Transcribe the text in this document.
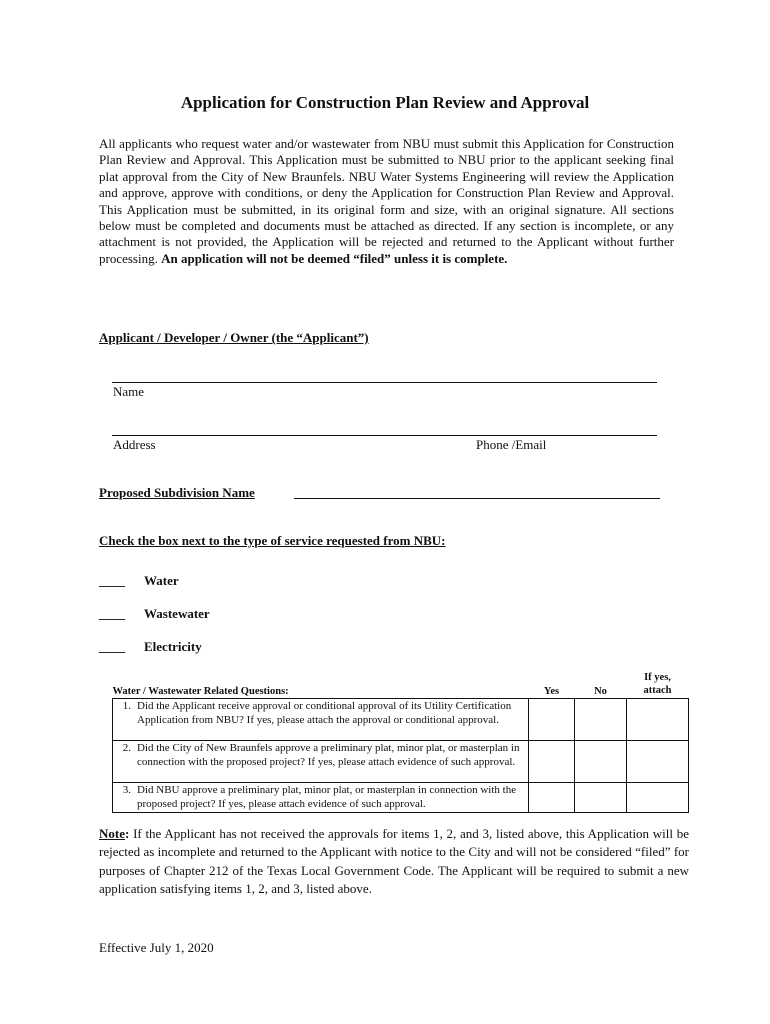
Application for Construction Plan Review and Approval
All applicants who request water and/or wastewater from NBU must submit this Application for Construction Plan Review and Approval. This Application must be submitted to NBU prior to the applicant seeking final plat approval from the City of New Braunfels. NBU Water Systems Engineering will review the Application and approve, approve with conditions, or deny the Application for Construction Plan Review and Approval. This Application must be submitted, in its original form and size, with an original signature. All sections below must be completed and documents must be attached as directed. If any section is incomplete, or any attachment is not provided, the Application will be rejected and returned to the Applicant without further processing. An application will not be deemed “filed” unless it is complete.
Applicant / Developer / Owner (the “Applicant”)
Name
Address	Phone /Email
Proposed Subdivision Name
Check the box next to the type of service requested from NBU:
____ Water
____ Wastewater
____ Electricity
Water / Wastewater Related Questions:	Yes	No	If yes,
attach

1. Did the Applicant receive approval or conditional approval of its Utility Certification Application from NBU? If yes, please attach the approval or conditional approval.			

2. Did the City of New Braunfels approve a preliminary plat, minor plat, or masterplan in connection with the proposed project? If yes, please attach evidence of such approval.			

3. Did NBU approve a preliminary plat, minor plat, or masterplan in connection with the proposed project? If yes, please attach evidence of such approval.			

Note: If the Applicant has not received the approvals for items 1, 2, and 3, listed above, this Application will be rejected as incomplete and returned to the Applicant with notice to the City and will not be considered “filed” for purposes of Chapter 212 of the Texas Local Government Code. The Applicant will be required to submit a new application satisfying items 1, 2, and 3, listed above.
Effective July 1, 2020
